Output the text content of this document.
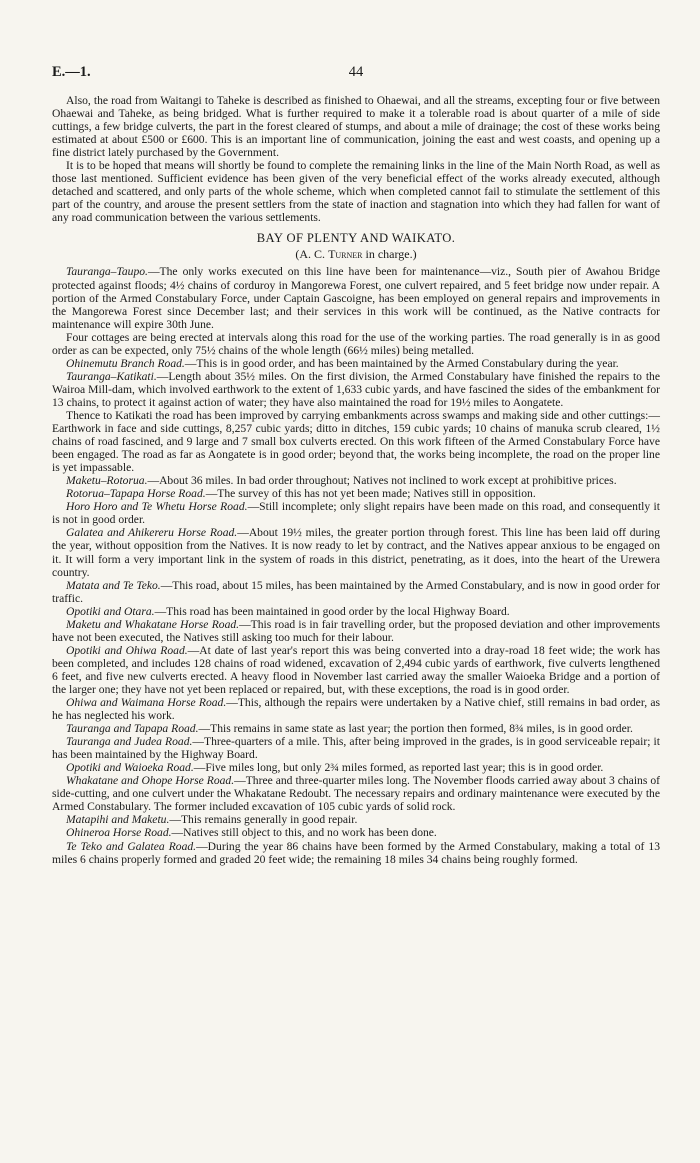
E.—1.	44

Also, the road from Waitangi to Taheke is described as finished to Ohaewai, and all the streams, excepting four or five between Ohaewai and Taheke, as being bridged. What is further required to make it a tolerable road is about quarter of a mile of side cuttings, a few bridge culverts, the part in the forest cleared of stumps, and about a mile of drainage; the cost of these works being estimated at about £500 or £600. This is an important line of communication, joining the east and west coasts, and opening up a fine district lately purchased by the Government.

It is to be hoped that means will shortly be found to complete the remaining links in the line of the Main North Road, as well as those last mentioned. Sufficient evidence has been given of the very beneficial effect of the works already executed, although detached and scattered, and only parts of the whole scheme, which when completed cannot fail to stimulate the settlement of this part of the country, and arouse the present settlers from the state of inaction and stagnation into which they had fallen for want of any road communication between the various settlements.

BAY OF PLENTY AND WAIKATO.
(A. C. Turner in charge.)

Tauranga–Taupo.—The only works executed on this line have been for maintenance—viz., South pier of Awahou Bridge protected against floods; 4½ chains of corduroy in Mangorewa Forest, one culvert repaired, and 5 feet bridge now under repair. A portion of the Armed Constabulary Force, under Captain Gascoigne, has been employed on general repairs and improvements in the Mangorewa Forest since December last; and their services in this work will be continued, as the Native contracts for maintenance will expire 30th June.

Four cottages are being erected at intervals along this road for the use of the working parties. The road generally is in as good order as can be expected, only 75½ chains of the whole length (66½ miles) being metalled.

Ohinemutu Branch Road.—This is in good order, and has been maintained by the Armed Constabulary during the year.

Tauranga–Katikati.—Length about 35½ miles. On the first division, the Armed Constabulary have finished the repairs to the Wairoa Mill-dam, which involved earthwork to the extent of 1,633 cubic yards, and have fascined the sides of the embankment for 13 chains, to protect it against action of water; they have also maintained the road for 19½ miles to Aongatete.

Thence to Katikati the road has been improved by carrying embankments across swamps and making side and other cuttings:—Earthwork in face and side cuttings, 8,257 cubic yards; ditto in ditches, 159 cubic yards; 10 chains of manuka scrub cleared, 1½ chains of road fascined, and 9 large and 7 small box culverts erected. On this work fifteen of the Armed Constabulary Force have been engaged. The road as far as Aongatete is in good order; beyond that, the works being incomplete, the road on the proper line is yet impassable.

Maketu–Rotorua.—About 36 miles. In bad order throughout; Natives not inclined to work except at prohibitive prices.

Rotorua–Tapapa Horse Road.—The survey of this has not yet been made; Natives still in opposition.

Horo Horo and Te Whetu Horse Road.—Still incomplete; only slight repairs have been made on this road, and consequently it is not in good order.

Galatea and Ahikereru Horse Road.—About 19½ miles, the greater portion through forest. This line has been laid off during the year, without opposition from the Natives. It is now ready to let by contract, and the Natives appear anxious to be engaged on it. It will form a very important link in the system of roads in this district, penetrating, as it does, into the heart of the Urewera country.

Matata and Te Teko.—This road, about 15 miles, has been maintained by the Armed Constabulary, and is now in good order for traffic.

Opotiki and Otara.—This road has been maintained in good order by the local Highway Board.

Maketu and Whakatane Horse Road.—This road is in fair travelling order, but the proposed deviation and other improvements have not been executed, the Natives still asking too much for their labour.

Opotiki and Ohiwa Road.—At date of last year's report this was being converted into a dray-road 18 feet wide; the work has been completed, and includes 128 chains of road widened, excavation of 2,494 cubic yards of earthwork, five culverts lengthened 6 feet, and five new culverts erected. A heavy flood in November last carried away the smaller Waioeka Bridge and a portion of the larger one; they have not yet been replaced or repaired, but, with these exceptions, the road is in good order.

Ohiwa and Waimana Horse Road.—This, although the repairs were undertaken by a Native chief, still remains in bad order, as he has neglected his work.

Tauranga and Tapapa Road.—This remains in same state as last year; the portion then formed, 8¾ miles, is in good order.

Tauranga and Judea Road.—Three-quarters of a mile. This, after being improved in the grades, is in good serviceable repair; it has been maintained by the Highway Board.

Opotiki and Waioeka Road.—Five miles long, but only 2¾ miles formed, as reported last year; this is in good order.

Whakatane and Ohope Horse Road.—Three and three-quarter miles long. The November floods carried away about 3 chains of side-cutting, and one culvert under the Whakatane Redoubt. The necessary repairs and ordinary maintenance were executed by the Armed Constabulary. The former included excavation of 105 cubic yards of solid rock.

Matapihi and Maketu.—This remains generally in good repair.

Ohineroa Horse Road.—Natives still object to this, and no work has been done.

Te Teko and Galatea Road.—During the year 86 chains have been formed by the Armed Constabulary, making a total of 13 miles 6 chains properly formed and graded 20 feet wide; the remaining 18 miles 34 chains being roughly formed.
